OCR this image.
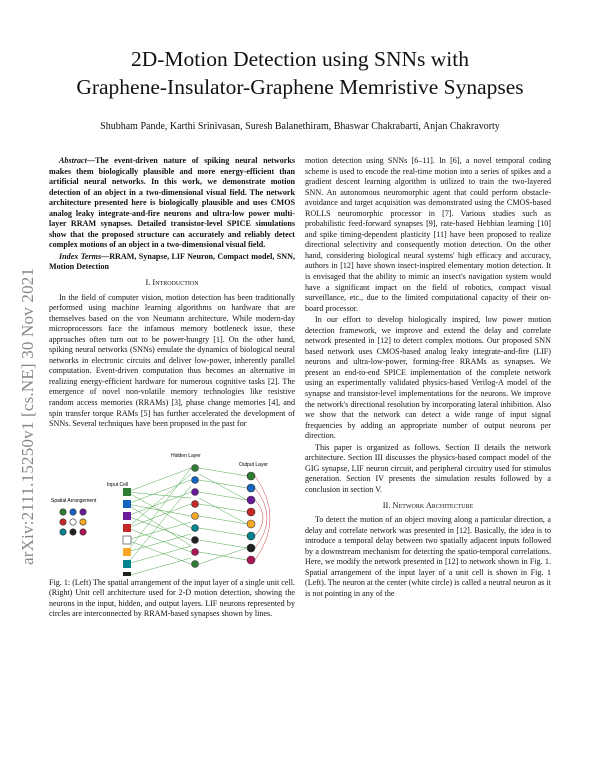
2D-Motion Detection using SNNs with
Graphene-Insulator-Graphene Memristive Synapses
Shubham Pande, Karthi Srinivasan, Suresh Balanethiram, Bhaswar Chakrabarti, Anjan Chakravorty
arXiv:2111.15250v1 [cs.NE] 30 Nov 2021

Abstract—The event-driven nature of spiking neural networks makes them biologically plausible and more energy-efficient than artificial neural networks. In this work, we demonstrate motion detection of an object in a two-dimensional visual field. The network architecture presented here is biologically plausible and uses CMOS analog leaky integrate-and-fire neurons and ultra-low power multi-layer RRAM synapses. Detailed transistor-level SPICE simulations show that the proposed structure can accurately and reliably detect complex motions of an object in a two-dimensional visual field.

Index Terms—RRAM, Synapse, LIF Neuron, Compact model, SNN, Motion Detection

I. Introduction

In the field of computer vision, motion detection has been traditionally performed using machine learning algorithms on hardware that are themselves based on the von Neumann architecture. While modern-day microprocessors face the infamous memory bottleneck issue, these approaches often turn out to be power-hungry [1]. On the other hand, spiking neural networks (SNNs) emulate the dynamics of biological neural networks in electronic circuits and deliver low-power, inherently parallel computation. Event-driven computation thus becomes an alternative in realizing energy-efficient hardware for numerous cognitive tasks [2]. The emergence of novel non-volatile memory technologies like resistive random access memories (RRAMs) [3], phase change memories [4], and spin transfer torque RAMs [5] has further accelerated the development of SNNs. Several techniques have been proposed in the past for

Spatial Arrangement
Input Cell
Hidden Layer
Output Layer

Fig. 1: (Left) The spatial arrangement of the input layer of a single unit cell. (Right) Unit cell architecture used for 2-D motion detection, showing the neurons in the input, hidden, and output layers. LIF neurons represented by circles are interconnected by RRAM-based synapses shown by lines.

motion detection using SNNs [6–11]. In [6], a novel temporal coding scheme is used to encode the real-time motion into a series of spikes and a gradient descent learning algorithm is utilized to train the two-layered SNN. An autonomous neuromorphic agent that could perform obstacle-avoidance and target acquisition was demonstrated using the CMOS-based ROLLS neuromorphic processor in [7]. Various studies such as probabilistic feed-forward synapses [9], rate-based Hebbian learning [10] and spike timing-dependent plasticity [11] have been proposed to realize directional selectivity and consequently motion detection. On the other hand, considering biological neural systems' high efficacy and accuracy, authors in [12] have shown insect-inspired elementary motion detection. It is envisaged that the ability to mimic an insect's navigation system would have a significant impact on the field of robotics, compact visual surveillance, etc., due to the limited computational capacity of their on-board processor.

In our effort to develop biologically inspired, low power motion detection framework, we improve and extend the delay and correlate network presented in [12] to detect complex motions. Our proposed SNN based network uses CMOS-based analog leaky integrate-and-fire (LIF) neurons and ultra-low-power, forming-free RRAMs as synapses. We present an end-to-end SPICE implementation of the complete network using an experimentally validated physics-based Verilog-A model of the synapse and transistor-level implementations for the neurons. We improve the network's directional resolution by incorporating lateral inhibition. Also we show that the network can detect a wide range of input signal frequencies by adding an appropriate number of output neurons per direction.

This paper is organized as follows. Section II details the network architecture. Section III discusses the physics-based compact model of the GIG synapse, LIF neuron circuit, and peripheral circuitry used for stimulus generation. Section IV presents the simulation results followed by a conclusion in section V.

II. Network Architecture

To detect the motion of an object moving along a particular direction, a delay and correlate network was presented in [12]. Basically, the idea is to introduce a temporal delay between two spatially adjacent inputs followed by a downstream mechanism for detecting the spatio-temporal correlations. Here, we modify the network presented in [12] to network shown in Fig. 1. Spatial arrangement of the input layer of a unit cell is shown in Fig. 1 (Left). The neuron at the center (white circle) is called a neutral neuron as it is not pointing in any of the
